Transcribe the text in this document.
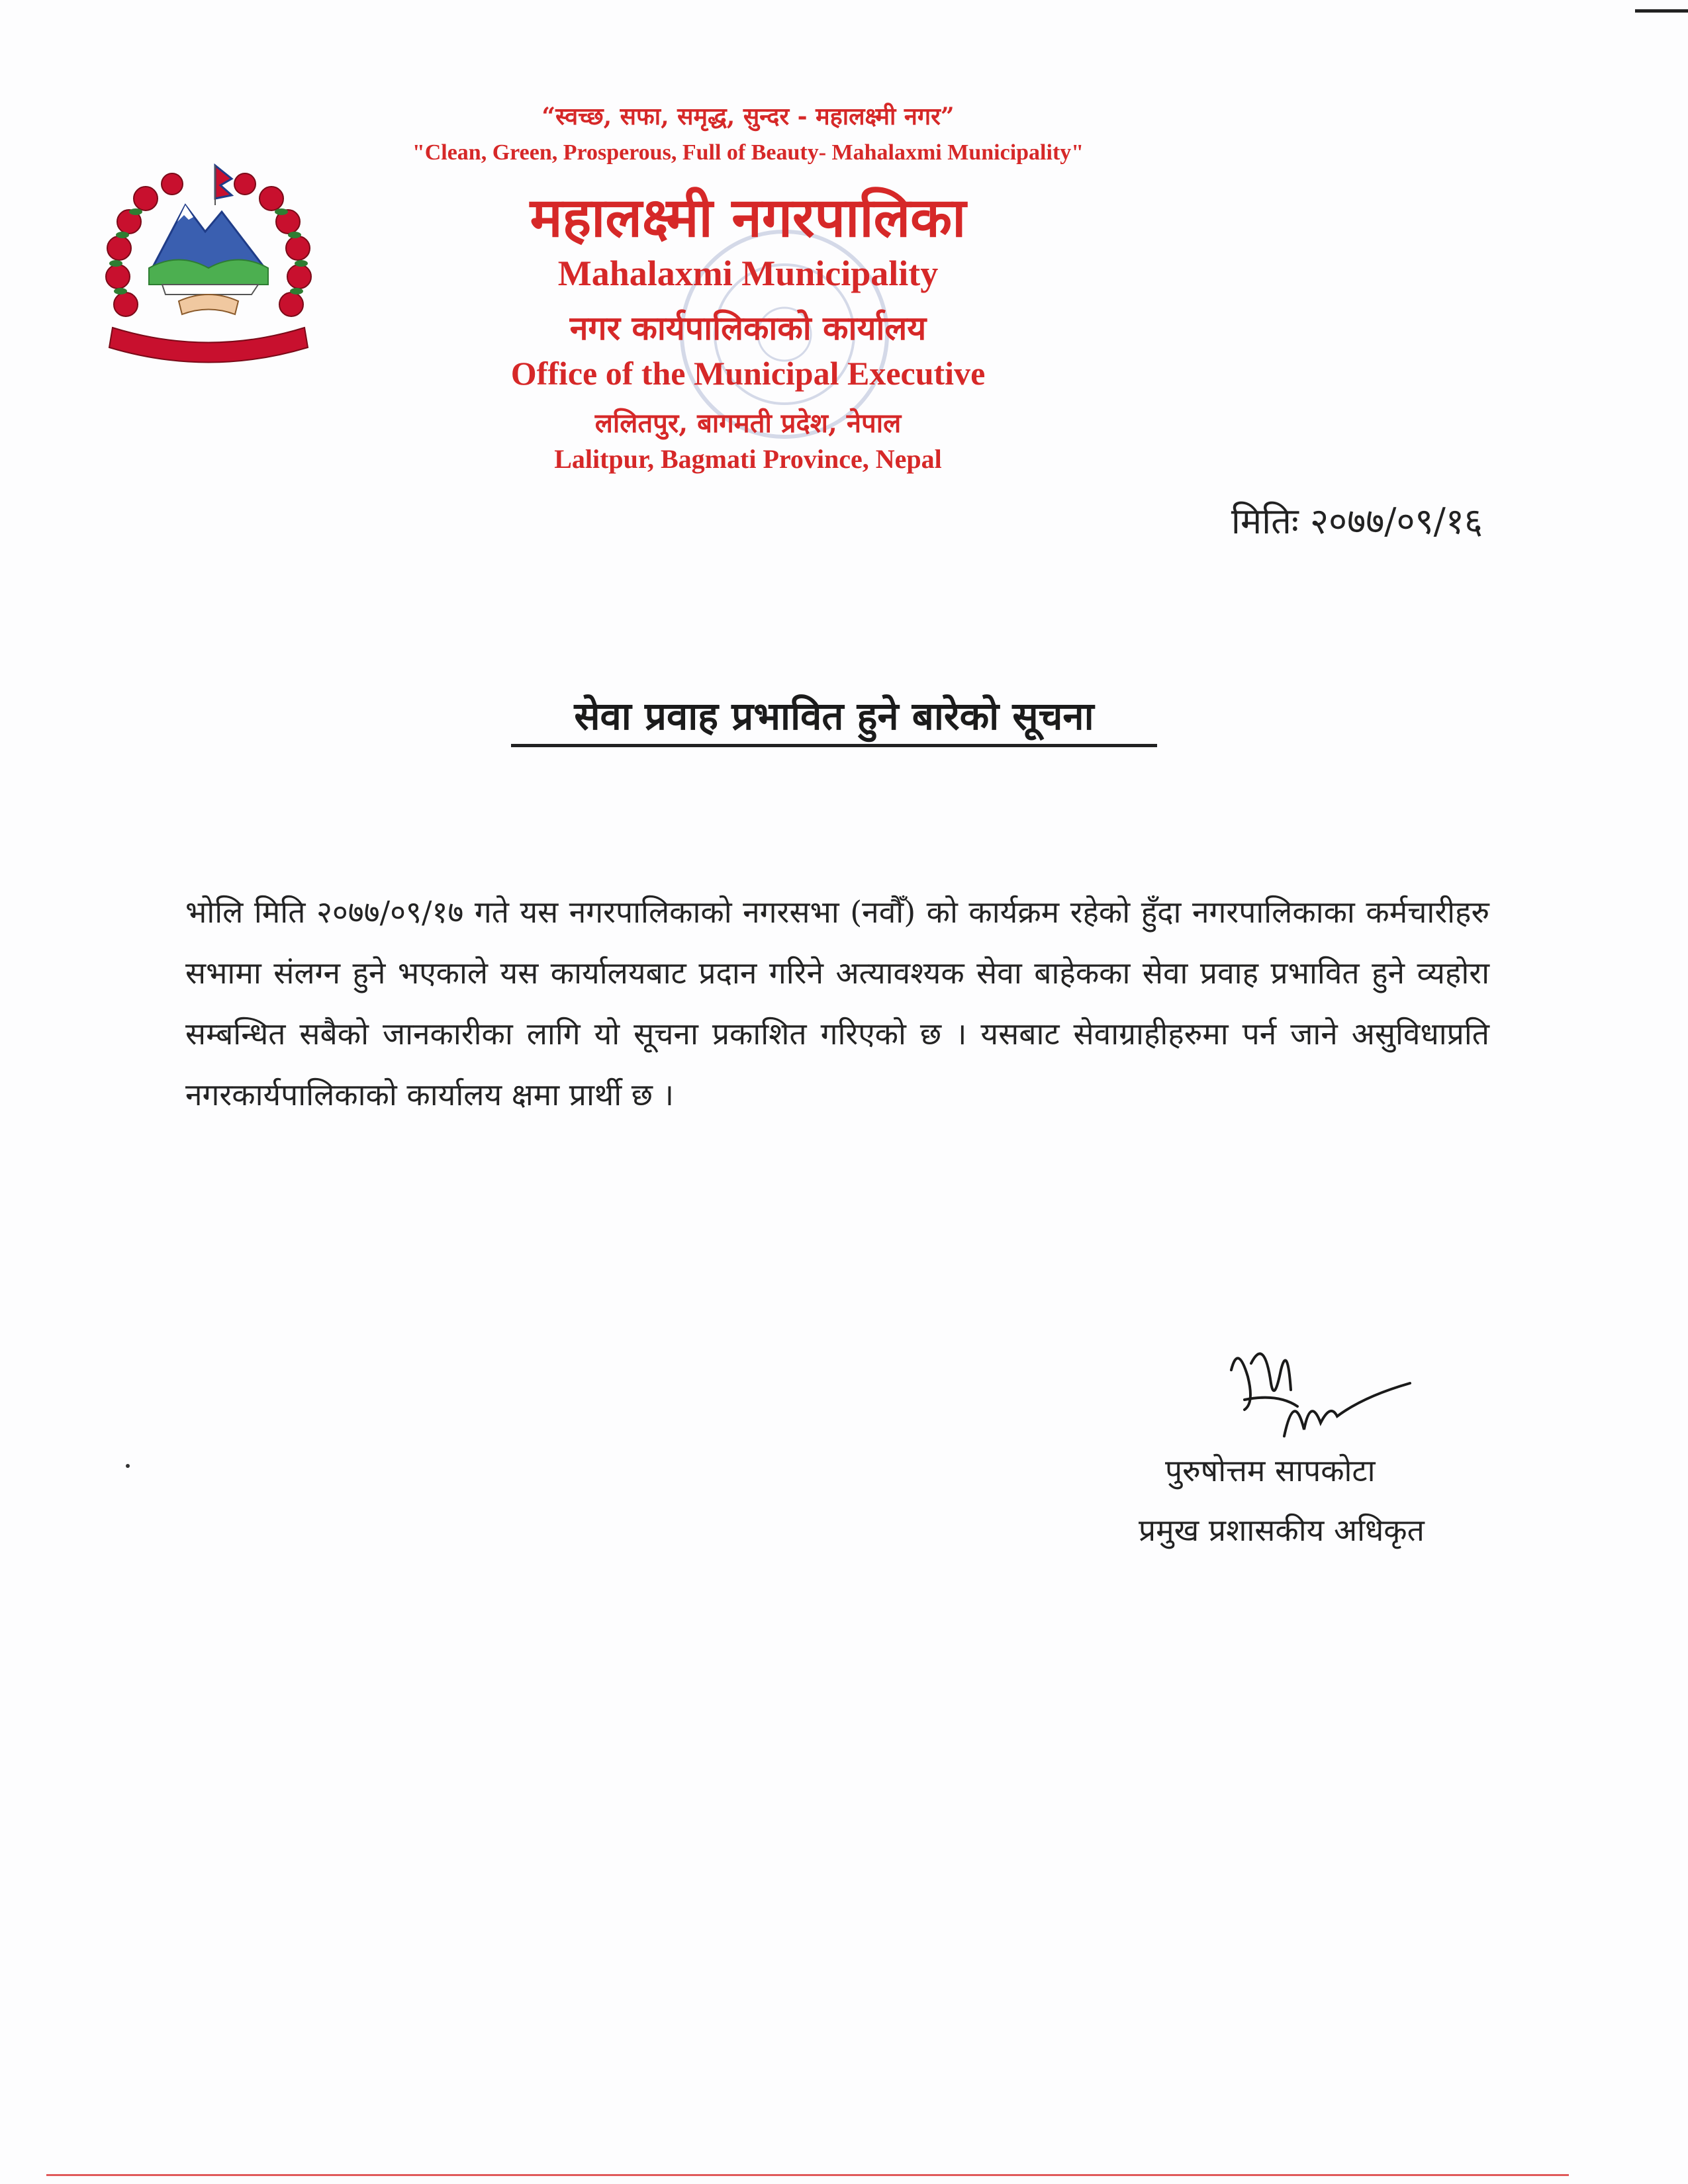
“स्वच्छ, सफा, समृद्ध, सुन्दर - महालक्ष्मी नगर”
"Clean, Green, Prosperous, Full of Beauty- Mahalaxmi Municipality"
महालक्ष्मी नगरपालिका
Mahalaxmi Municipality
नगर कार्यपालिकाको कार्यालय
Office of the Municipal Executive
ललितपुर, बागमती प्रदेश, नेपाल
Lalitpur, Bagmati Province, Nepal
मितिः २०७७/०९/१६
सेवा प्रवाह प्रभावित हुने बारेको सूचना
भोलि मिति २०७७/०९/१७ गते यस नगरपालिकाको नगरसभा (नवौँ) को कार्यक्रम रहेको हुँदा नगरपालिकाका कर्मचारीहरु सभामा संलग्न हुने भएकाले यस कार्यालयबाट प्रदान गरिने अत्यावश्यक सेवा बाहेकका सेवा प्रवाह प्रभावित हुने व्यहोरा सम्बन्धित सबैको जानकारीका लागि यो सूचना प्रकाशित गरिएको छ । यसबाट सेवाग्राहीहरुमा पर्न जाने असुविधाप्रति नगरकार्यपालिकाको कार्यालय क्षमा प्रार्थी छ ।
पुरुषोत्तम सापकोटा
प्रमुख प्रशासकीय अधिकृत
